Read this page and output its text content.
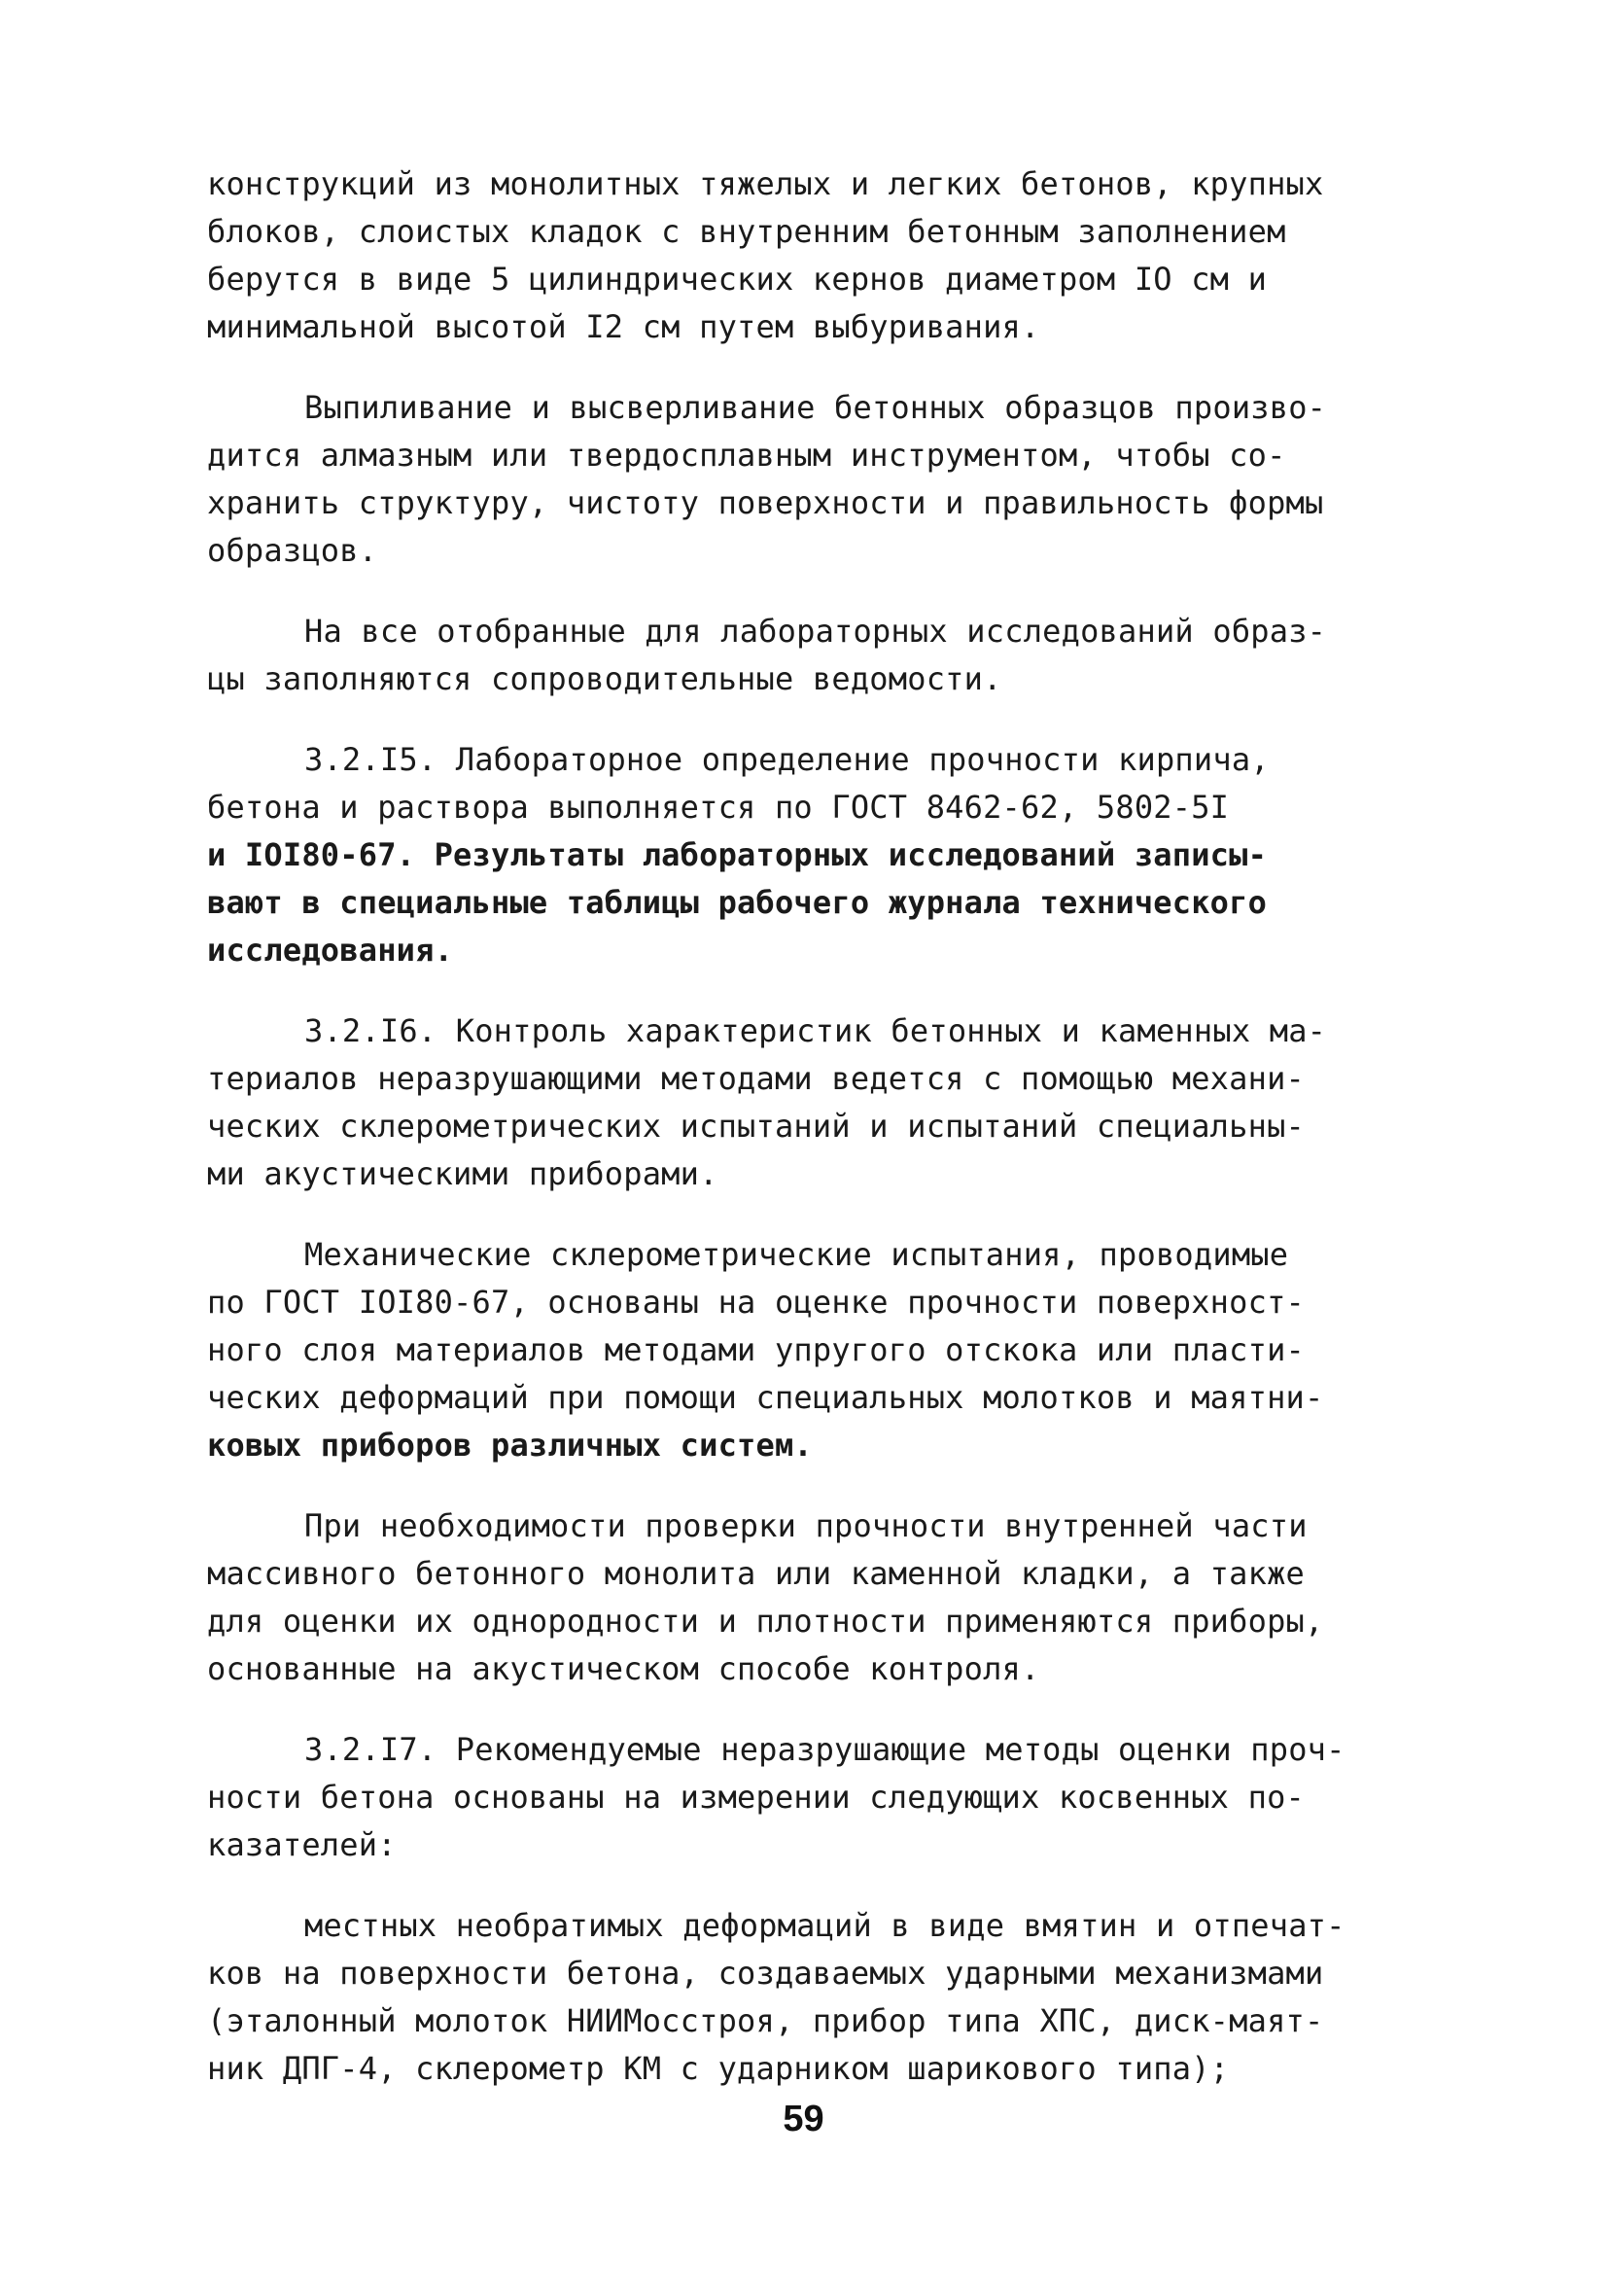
конструкций из монолитных тяжелых и легких бетонов, крупных
блоков, слоистых кладок с внутренним бетонным заполнением
берутся в виде 5 цилиндрических кернов диаметром IO см и
минимальной высотой I2 см путем выбуривания.

Выпиливание и высверливание бетонных образцов произво-
дится алмазным или твердосплавным инструментом, чтобы со-
хранить структуру, чистоту поверхности и правильность формы
образцов.

На все отобранные для лабораторных исследований образ-
цы заполняются сопроводительные ведомости.

3.2.I5. Лабораторное определение прочности кирпича,
бетона и раствора выполняется по ГОСТ 8462-62, 5802-5I
и IOI80-67. Результаты лабораторных исследований записы-
вают в специальные таблицы рабочего журнала технического
исследования.

3.2.I6. Контроль характеристик бетонных и каменных ма-
териалов неразрушающими методами ведется с помощью механи-
ческих склерометрических испытаний и испытаний специальны-
ми акустическими приборами.

Механические склерометрические испытания, проводимые
по ГОСТ IOI80-67, основаны на оценке прочности поверхност-
ного слоя материалов методами упругого отскока или пласти-
ческих деформаций при помощи специальных молотков и маятни-
ковых приборов различных систем.

При необходимости проверки прочности внутренней части
массивного бетонного монолита или каменной кладки, а также
для оценки их однородности и плотности применяются приборы,
основанные на акустическом способе контроля.

3.2.I7. Рекомендуемые неразрушающие методы оценки проч-
ности бетона основаны на измерении следующих косвенных по-
казателей:

местных необратимых деформаций в виде вмятин и отпечат-
ков на поверхности бетона, создаваемых ударными механизмами
(эталонный молоток НИИМосстроя, прибор типа ХПС, диск-маят-
ник ДПГ-4, склерометр КМ с ударником шарикового типа);

59
